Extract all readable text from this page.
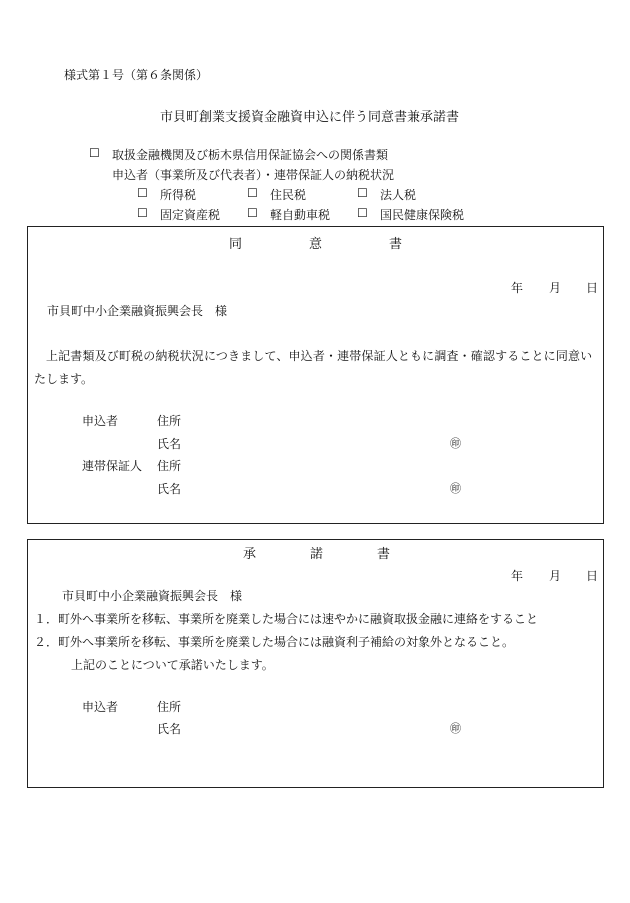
様式第１号（第６条関係）
市貝町創業支援資金融資申込に伴う同意書兼承諾書
☐ 取扱金融機関及び栃木県信用保証協会への関係書類
申込者（事業所及び代表者）・連帯保証人の納税状況
☐ 所得税	☐ 住民税	☐ 法人税
☐ 固定資産税 ☐ 軽自動車税 ☐ 国民健康保険税
同	意	書
年 月 日
市貝町中小企業融資振興会長　様
上記書類及び町税の納税状況につきまして、申込者・連帯保証人ともに調査・確認することに同意い
たします。
申込者	住所
氏名	㊞
連帯保証人 住所
氏名	㊞
承	諾	書
年 月 日
市貝町中小企業融資振興会長　様
１．町外へ事業所を移転、事業所を廃業した場合には速やかに融資取扱金融に連絡をすること
２．町外へ事業所を移転、事業所を廃業した場合には融資利子補給の対象外となること。
上記のことについて承諾いたします。
申込者	住所
氏名	㊞
